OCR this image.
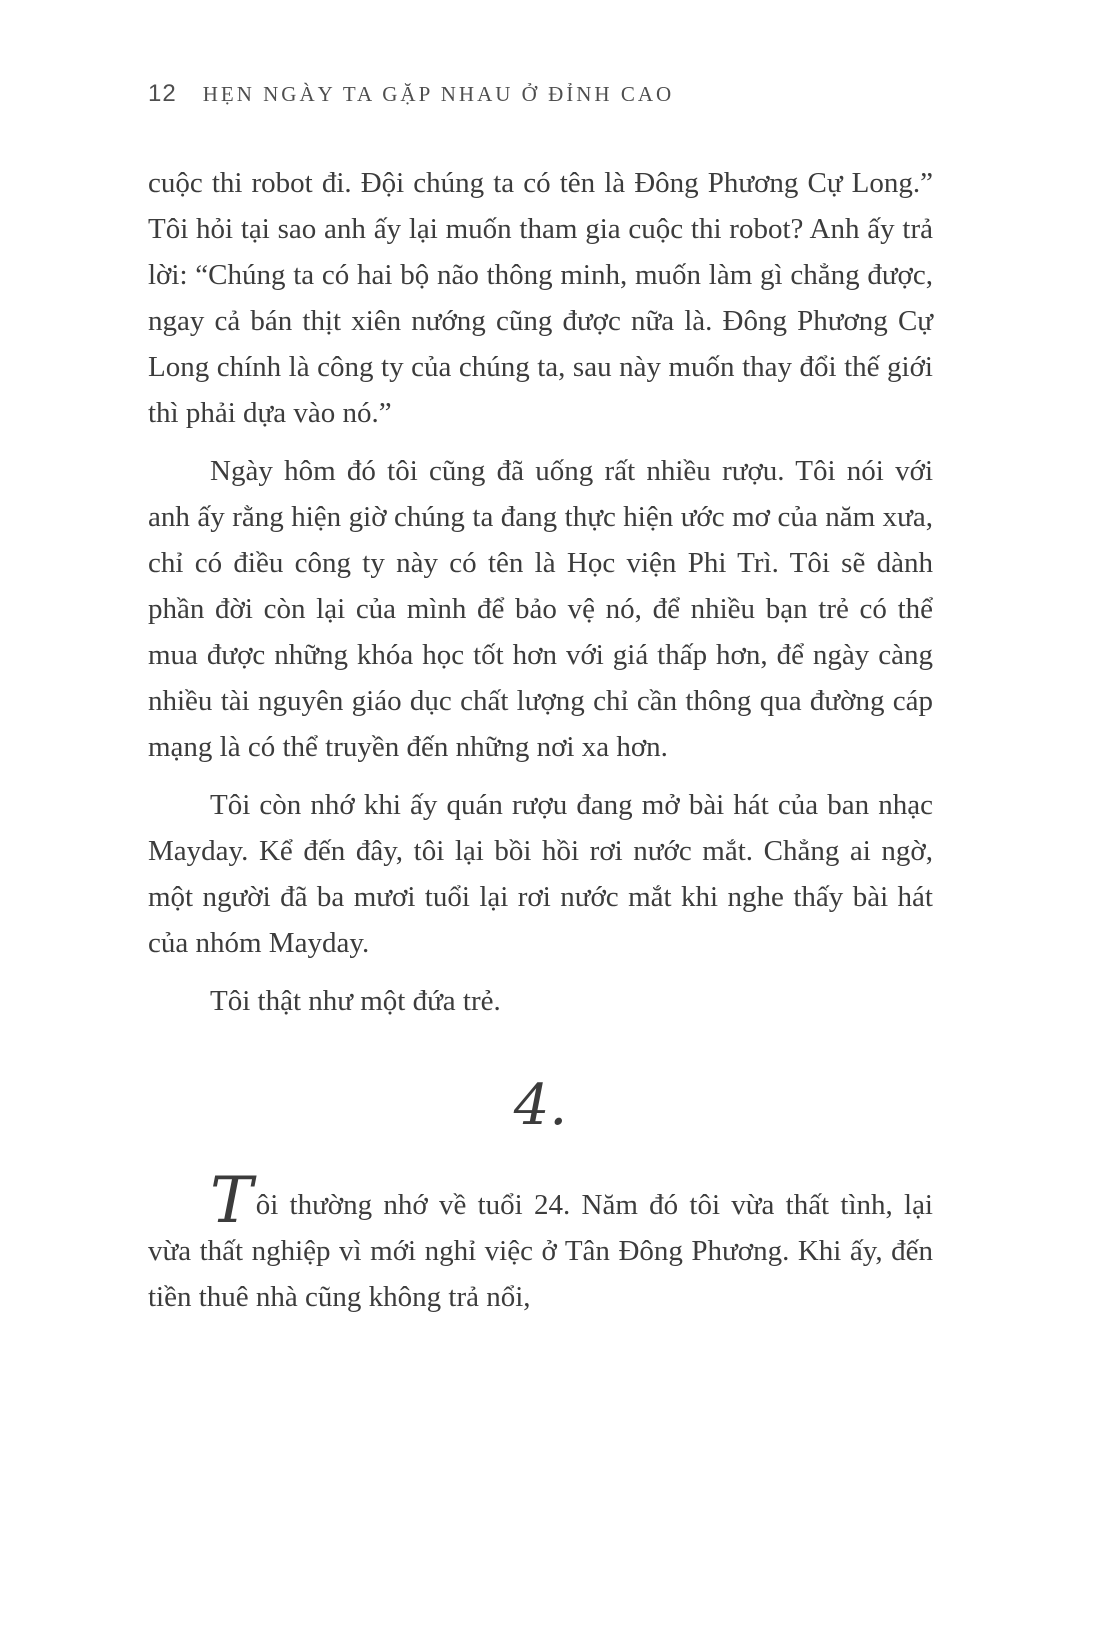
12 HẸN NGÀY TA GẶP NHAU Ở ĐỈNH CAO

cuộc thi robot đi. Đội chúng ta có tên là Đông Phương Cự Long.” Tôi hỏi tại sao anh ấy lại muốn tham gia cuộc thi robot? Anh ấy trả lời: “Chúng ta có hai bộ não thông minh, muốn làm gì chẳng được, ngay cả bán thịt xiên nướng cũng được nữa là. Đông Phương Cự Long chính là công ty của chúng ta, sau này muốn thay đổi thế giới thì phải dựa vào nó.”

Ngày hôm đó tôi cũng đã uống rất nhiều rượu. Tôi nói với anh ấy rằng hiện giờ chúng ta đang thực hiện ước mơ của năm xưa, chỉ có điều công ty này có tên là Học viện Phi Trì. Tôi sẽ dành phần đời còn lại của mình để bảo vệ nó, để nhiều bạn trẻ có thể mua được những khóa học tốt hơn với giá thấp hơn, để ngày càng nhiều tài nguyên giáo dục chất lượng chỉ cần thông qua đường cáp mạng là có thể truyền đến những nơi xa hơn.

Tôi còn nhớ khi ấy quán rượu đang mở bài hát của ban nhạc Mayday. Kể đến đây, tôi lại bồi hồi rơi nước mắt. Chẳng ai ngờ, một người đã ba mươi tuổi lại rơi nước mắt khi nghe thấy bài hát của nhóm Mayday.

Tôi thật như một đứa trẻ.

4.

Tôi thường nhớ về tuổi 24. Năm đó tôi vừa thất tình, lại vừa thất nghiệp vì mới nghỉ việc ở Tân Đông Phương. Khi ấy, đến tiền thuê nhà cũng không trả nổi,
